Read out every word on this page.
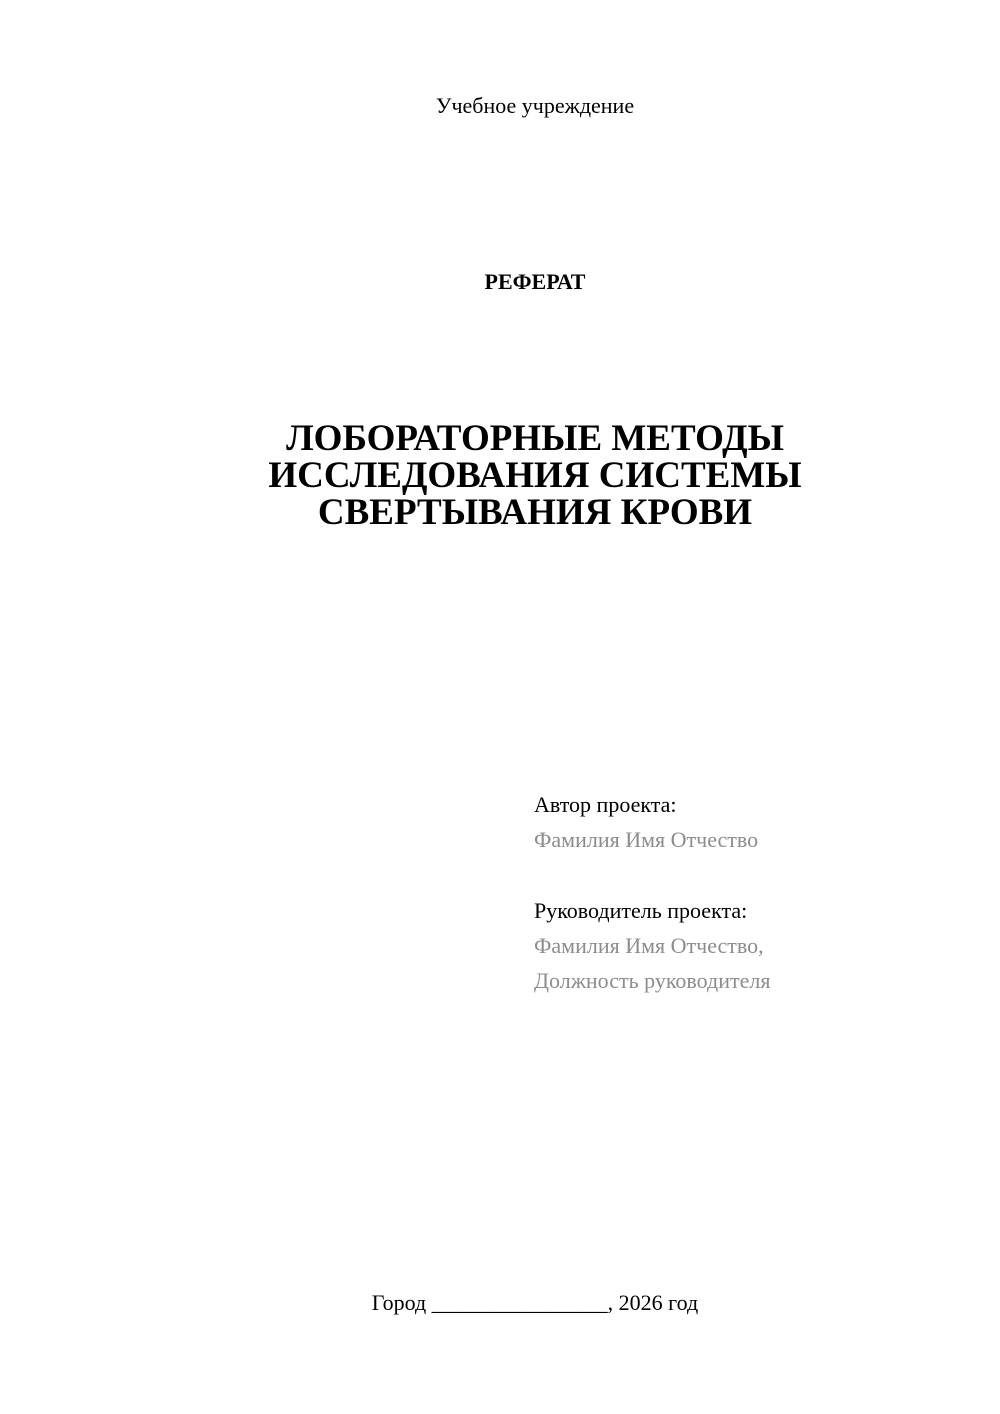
Учебное учреждение
РЕФЕРАТ
ЛОБОРАТОРНЫЕ МЕТОДЫ
ИССЛЕДОВАНИЯ СИСТЕМЫ
СВЕРТЫВАНИЯ КРОВИ
Автор проекта:
Фамилия Имя Отчество
Руководитель проекта:
Фамилия Имя Отчество,
Должность руководителя
Город ________________, 2026 год
